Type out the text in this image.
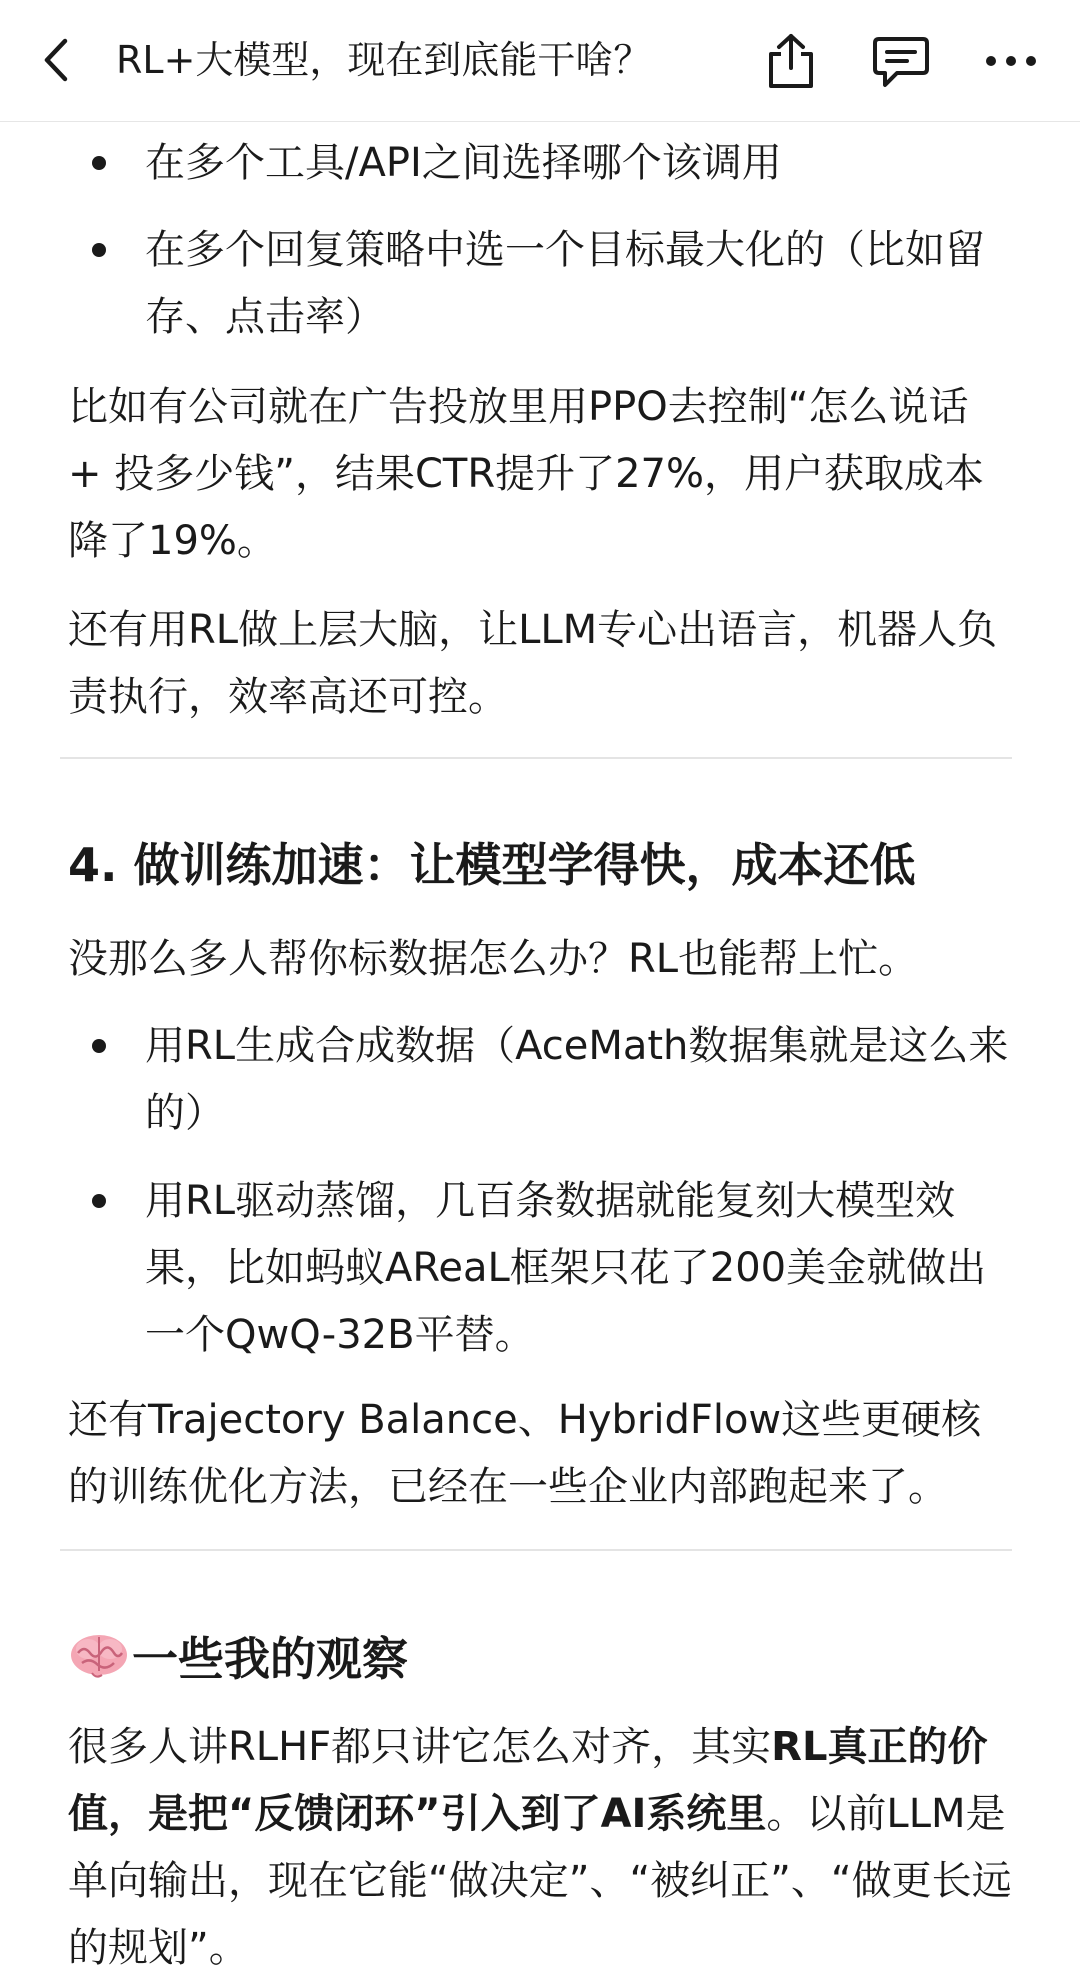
在多个工具/API之间选择哪个该调用

在多个回复策略中选一个目标最大化的（比如留存、点击率）

比如有公司就在广告投放里用PPO去控制“怎么说话 + 投多少钱”，结果CTR提升了27%，用户获取成本降了19%。

还有用RL做上层大脑，让LLM专心出语言，机器人负责执行，效率高还可控。

4. 做训练加速：让模型学得快，成本还低

没那么多人帮你标数据怎么办？RL也能帮上忙。

用RL生成合成数据（AceMath数据集就是这么来的）

用RL驱动蒸馏，几百条数据就能复刻大模型效果，比如蚂蚁AReaL框架只花了200美金就做出一个QwQ-32B平替。

还有Trajectory Balance、HybridFlow这些更硬核的训练优化方法，已经在一些企业内部跑起来了。

一些我的观察

很多人讲RLHF都只讲它怎么对齐，其实RL真正的价值，是把“反馈闭环”引入到了AI系统里。以前LLM是单向输出，现在它能“做决定”、“被纠正”、“做更长远的规划”。

RL+大模型，现在到底能干啥？
